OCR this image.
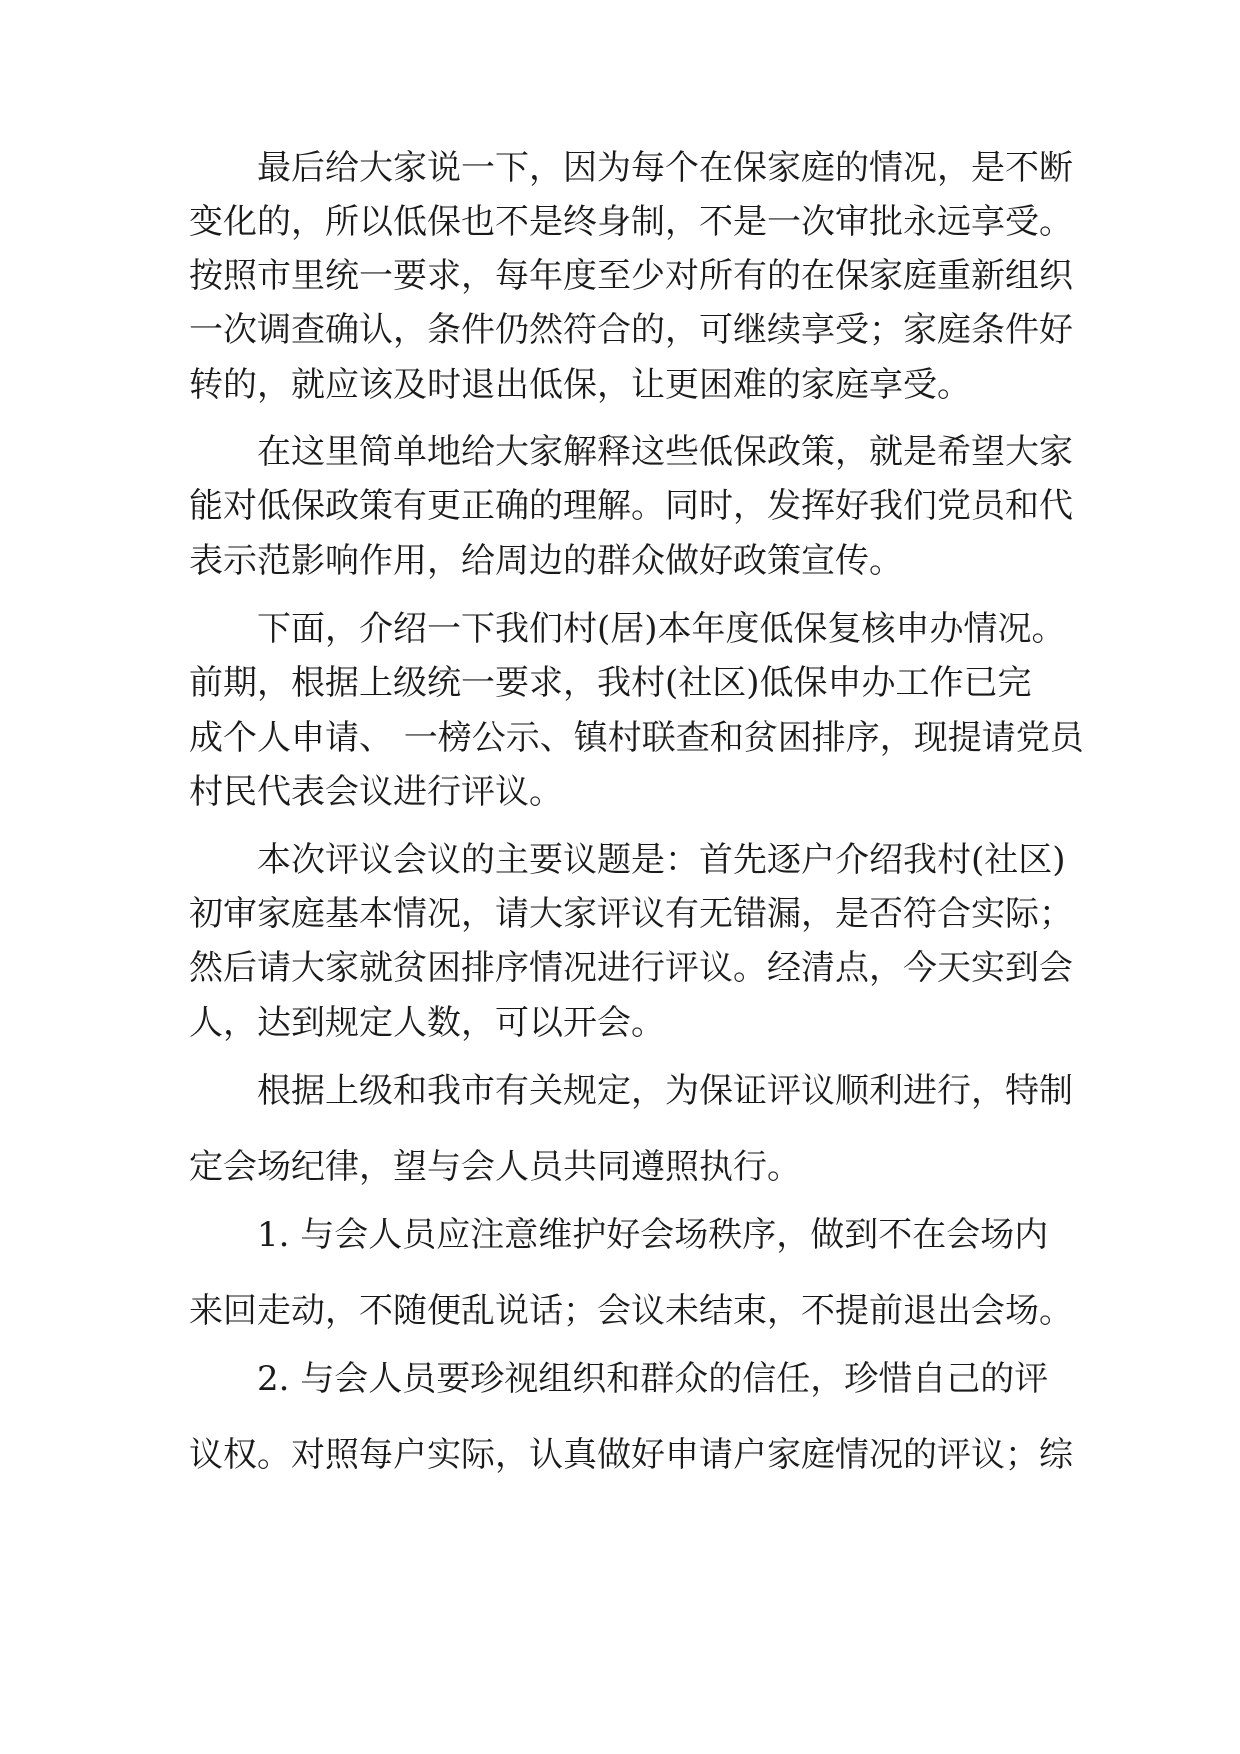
最后给大家说一下，因为每个在保家庭的情况，是不断

变化的，所以低保也不是终身制，不是一次审批永远享受。

按照市里统一要求，每年度至少对所有的在保家庭重新组织

一次调查确认，条件仍然符合的，可继续享受；家庭条件好

转的，就应该及时退出低保，让更困难的家庭享受。

在这里简单地给大家解释这些低保政策，就是希望大家

能对低保政策有更正确的理解。同时，发挥好我们党员和代

表示范影响作用，给周边的群众做好政策宣传。

下面，介绍一下我们村(居)本年度低保复核申办情况。

前期，根据上级统一要求，我村(社区)低保申办工作已完

成个人申请、 一榜公示、镇村联查和贫困排序，现提请党员

村民代表会议进行评议。

本次评议会议的主要议题是：首先逐户介绍我村(社区)

初审家庭基本情况，请大家评议有无错漏，是否符合实际；

然后请大家就贫困排序情况进行评议。经清点，今天实到会

人，达到规定人数，可以开会。

根据上级和我市有关规定，为保证评议顺利进行，特制

定会场纪律，望与会人员共同遵照执行。

1. 与会人员应注意维护好会场秩序，做到不在会场内

来回走动，不随便乱说话；会议未结束，不提前退出会场。

2. 与会人员要珍视组织和群众的信任，珍惜自己的评

议权。对照每户实际，认真做好申请户家庭情况的评议；综
